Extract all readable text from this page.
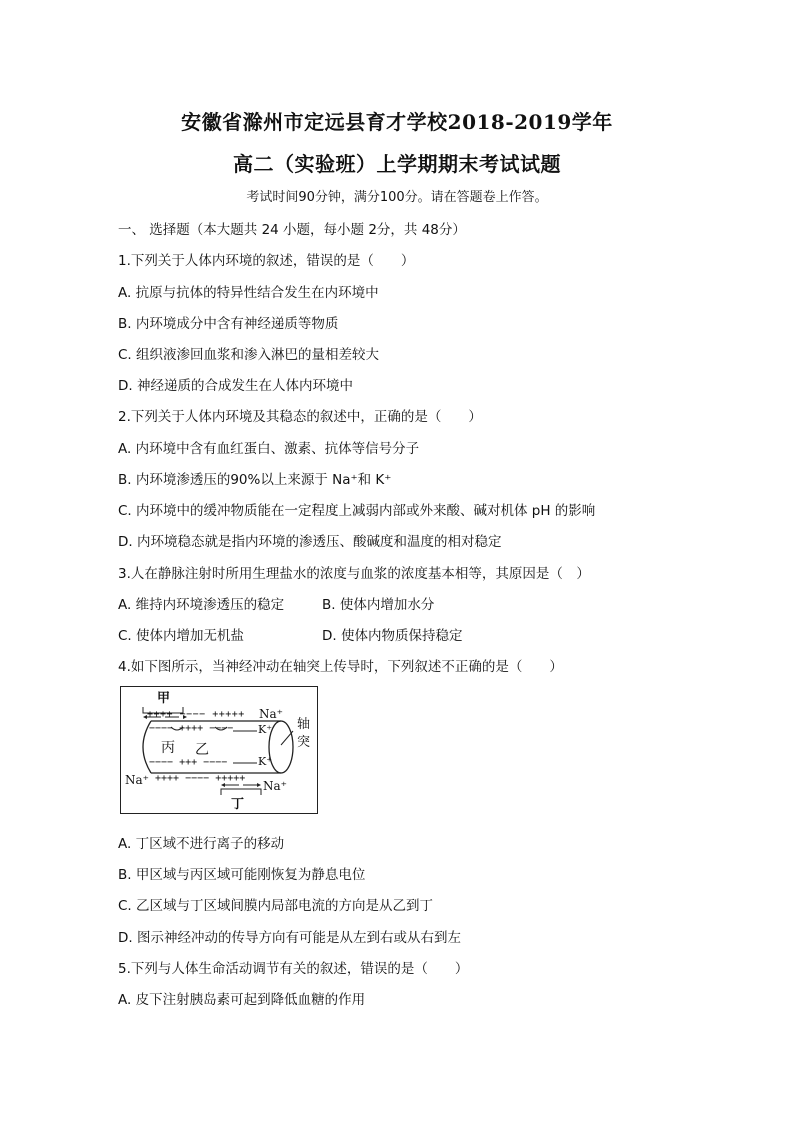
安徽省滁州市定远县育才学校2018-2019学年
高二（实验班）上学期期末考试试题
考试时间90分钟，满分100分。请在答题卷上作答。
一、 选择题（本大题共 24 小题，每小题 2分，共 48分）
1.下列关于人体内环境的叙述，错误的是（　　）
A. 抗原与抗体的特异性结合发生在内环境中
B. 内环境成分中含有神经递质等物质
C. 组织液渗回血浆和渗入淋巴的量相差较大
D. 神经递质的合成发生在人体内环境中
2.下列关于人体内环境及其稳态的叙述中，正确的是（　　）
A. 内环境中含有血红蛋白、激素、抗体等信号分子
B. 内环境渗透压的90%以上来源于 Na⁺和 K⁺
C. 内环境中的缓冲物质能在一定程度上减弱内部或外来酸、碱对机体 pH 的影响
D. 内环境稳态就是指内环境的渗透压、酸碱度和温度的相对稳定
3.人在静脉注射时所用生理盐水的浓度与血浆的浓度基本相等，其原因是（　）
A. 维持内环境渗透压的稳定	B. 使体内增加水分
C. 使体内增加无机盐	D. 使体内物质保持稳定
4.如下图所示，当神经冲动在轴突上传导时，下列叙述不正确的是（　　）
甲
++++ −−−− +++++ Na⁺
−−−− ++++ −−−− K⁺
丙 乙
轴
突
−−−− +++ −−−−	K⁺
Na⁺ ++++ −−−− +++++
Na⁺
丁
A. 丁区域不进行离子的移动
B. 甲区域与丙区域可能刚恢复为静息电位
C. 乙区域与丁区域间膜内局部电流的方向是从乙到丁
D. 图示神经冲动的传导方向有可能是从左到右或从右到左
5.下列与人体生命活动调节有关的叙述，错误的是（　　）
A. 皮下注射胰岛素可起到降低血糖的作用
